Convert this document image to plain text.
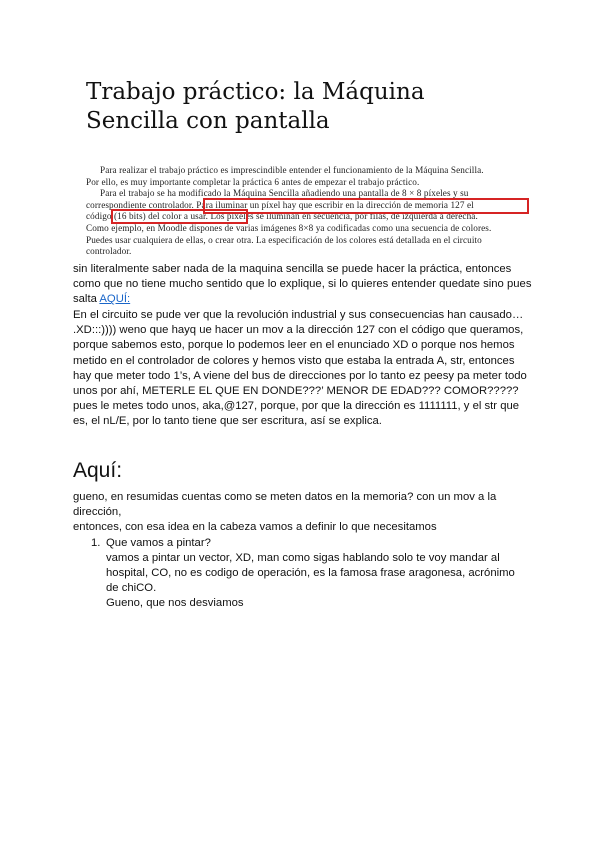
Trabajo práctico: la Máquina
Sencilla con pantalla

Para realizar el trabajo práctico es imprescindible entender el funcionamiento de la Máquina Sencilla.

Por ello, es muy importante completar la práctica 6 antes de empezar el trabajo práctico.

Para el trabajo se ha modificado la Máquina Sencilla añadiendo una pantalla de 8 × 8 píxeles y su

correspondiente controlador. Para iluminar un píxel hay que escribir en la dirección de memoria 127 el

código (16 bits) del color a usar. Los píxeles se iluminan en secuencia, por filas, de izquierda a derecha.

Como ejemplo, en Moodle dispones de varias imágenes 8×8 ya codificadas como una secuencia de colores.

Puedes usar cualquiera de ellas, o crear otra. La especificación de los colores está detallada en el circuito

controlador.

sin literalmente saber nada de la maquina sencilla se puede hacer la práctica, entonces como que no tiene mucho sentido que lo explique, si lo quieres entender quedate sino pues salta AQUÍ:

En el circuito se pude ver que la revolución industrial y sus consecuencias han causado… .XD:::)))) weno que hayq ue hacer un mov a la dirección 127 con el código que queramos, porque sabemos esto, porque lo podemos leer en el enunciado XD o porque nos hemos metido en el controlador de colores y hemos visto que estaba la entrada A, str, entonces hay que meter todo 1’s, A viene del bus de direcciones por lo tanto ez peesy pa meter todo unos por ahí, METERLE EL QUE EN DONDE???’ MENOR DE EDAD??? COMOR????? pues le metes todo unos, aka,@127, porque, por que la dirección es 1111111, y el str que es, el nL/E, por lo tanto tiene que ser escritura, así se explica.

Aquí:

gueno, en resumidas cuentas como se meten datos en la memoria? con un mov a la dirección,

entonces, con esa idea en la cabeza vamos a definir lo que necesitamos

1. Que vamos a pintar?
vamos a pintar un vector, XD, man como sigas hablando solo te voy mandar al hospital, CO, no es codigo de operación, es la famosa frase aragonesa, acrónimo de chiCO.
Gueno, que nos desviamos
